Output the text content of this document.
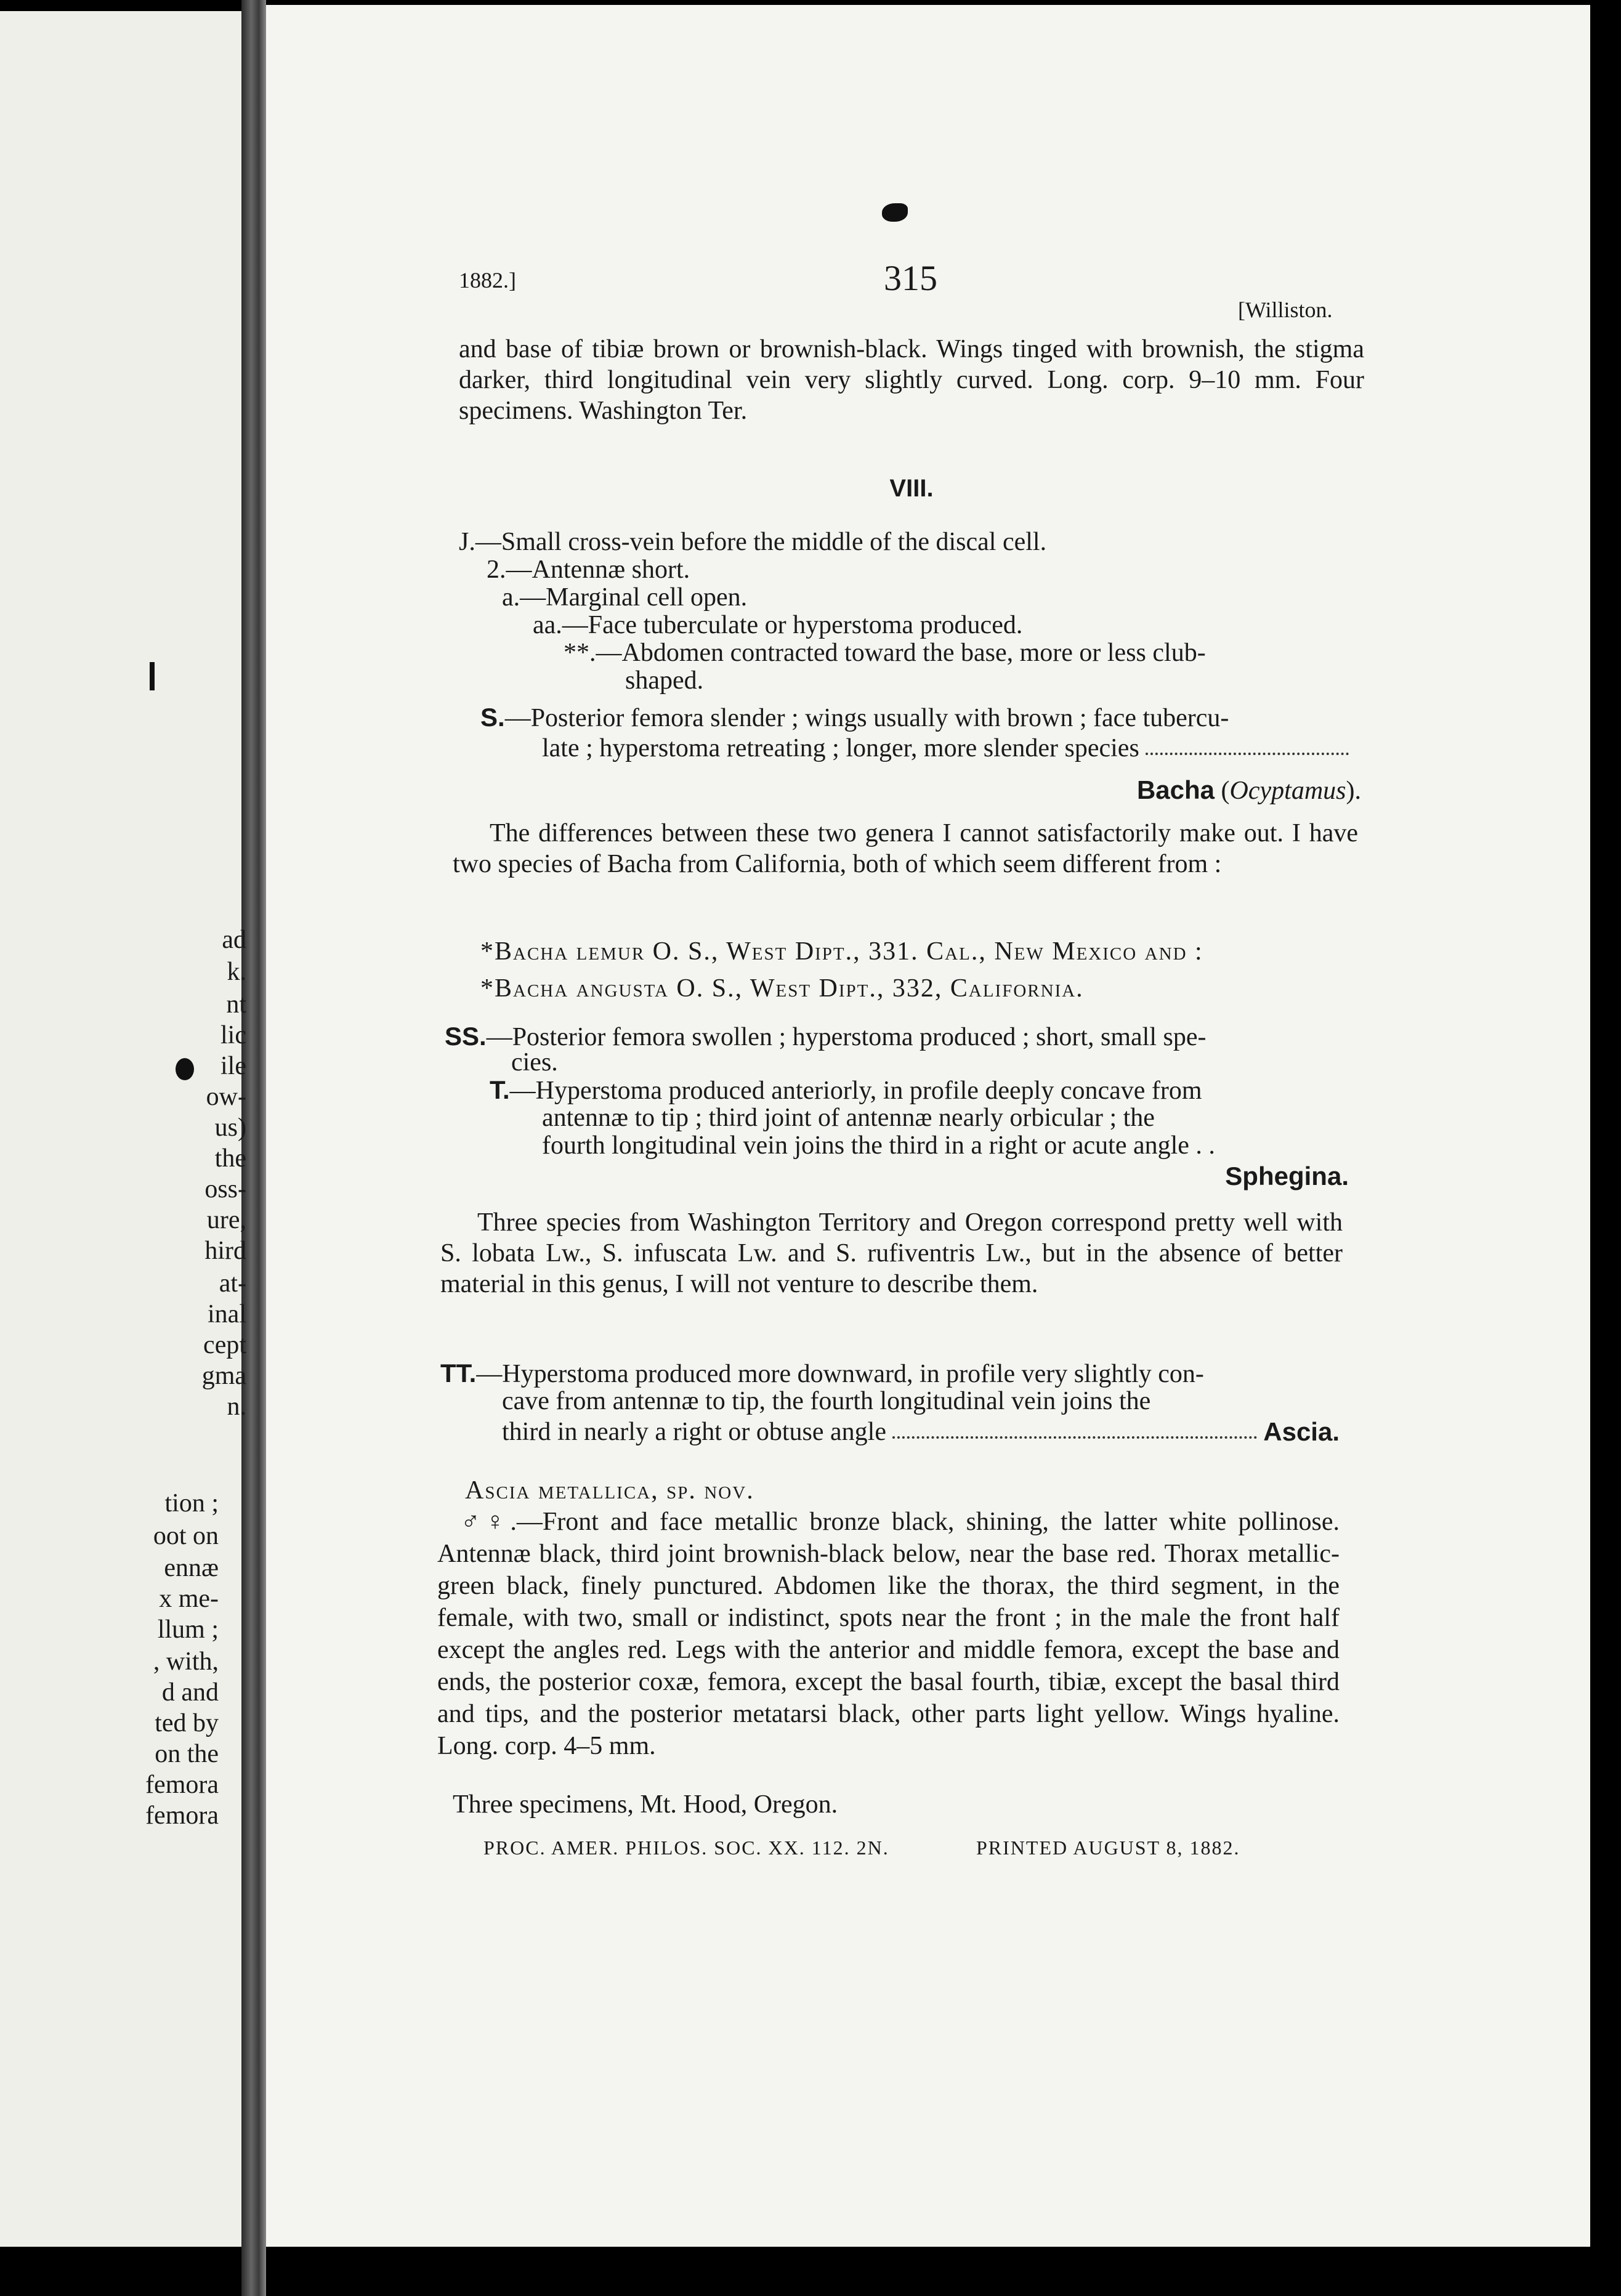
ad
k.
nt
lic
ile
ow-
us)
the
oss-
ure,
hird
at-
inal
cept
gma
n.
tion ;
oot on
ennæ
x me-
llum ;
, with,
d and
ted by
on the
femora
femora
1882.]	315
[Williston.
and base of tibiæ brown or brownish-black. Wings tinged with brownish, the stigma darker, third longitudinal vein very slightly curved. Long. corp. 9–10 mm. Four specimens. Washington Ter.
VIII.
J.—Small cross-vein before the middle of the discal cell.
2.—Antennæ short.
a.—Marginal cell open.
aa.—Face tuberculate or hyperstoma produced.
**.—Abdomen contracted toward the base, more or less club-
shaped.
S.—Posterior femora slender ; wings usually with brown ; face tubercu-
late ; hyperstoma retreating ; longer, more slender species
Bacha (Ocyptamus).
The differences between these two genera I cannot satisfactorily make out. I have two species of Bacha from California, both of which seem different from :
*Bacha lemur O. S., West Dipt., 331. Cal., New Mexico and :
*Bacha angusta O. S., West Dipt., 332, California.
SS.—Posterior femora swollen ; hyperstoma produced ; short, small spe-
cies.
T.—Hyperstoma produced anteriorly, in profile deeply concave from
antennæ to tip ; third joint of antennæ nearly orbicular ; the
fourth longitudinal vein joins the third in a right or acute angle . .
Sphegina.
Three species from Washington Territory and Oregon correspond pretty well with S. lobata Lw., S. infuscata Lw. and S. rufiventris Lw., but in the absence of better material in this genus, I will not venture to describe them.
TT.—Hyperstoma produced more downward, in profile very slightly con-
cave from antennæ to tip, the fourth longitudinal vein joins the
third in nearly a right or obtuse angle	Ascia.
Ascia metallica, sp. nov.
♂♀.—Front and face metallic bronze black, shining, the latter white pollinose. Antennæ black, third joint brownish-black below, near the base red. Thorax metallic-green black, finely punctured. Abdomen like the thorax, the third segment, in the female, with two, small or indistinct, spots near the front ; in the male the front half except the angles red. Legs with the anterior and middle femora, except the base and ends, the posterior coxæ, femora, except the basal fourth, tibiæ, except the basal third and tips, and the posterior metatarsi black, other parts light yellow. Wings hyaline. Long. corp. 4–5 mm.
Three specimens, Mt. Hood, Oregon.
PROC. AMER. PHILOS. SOC. XX. 112. 2N.	PRINTED AUGUST 8, 1882.
